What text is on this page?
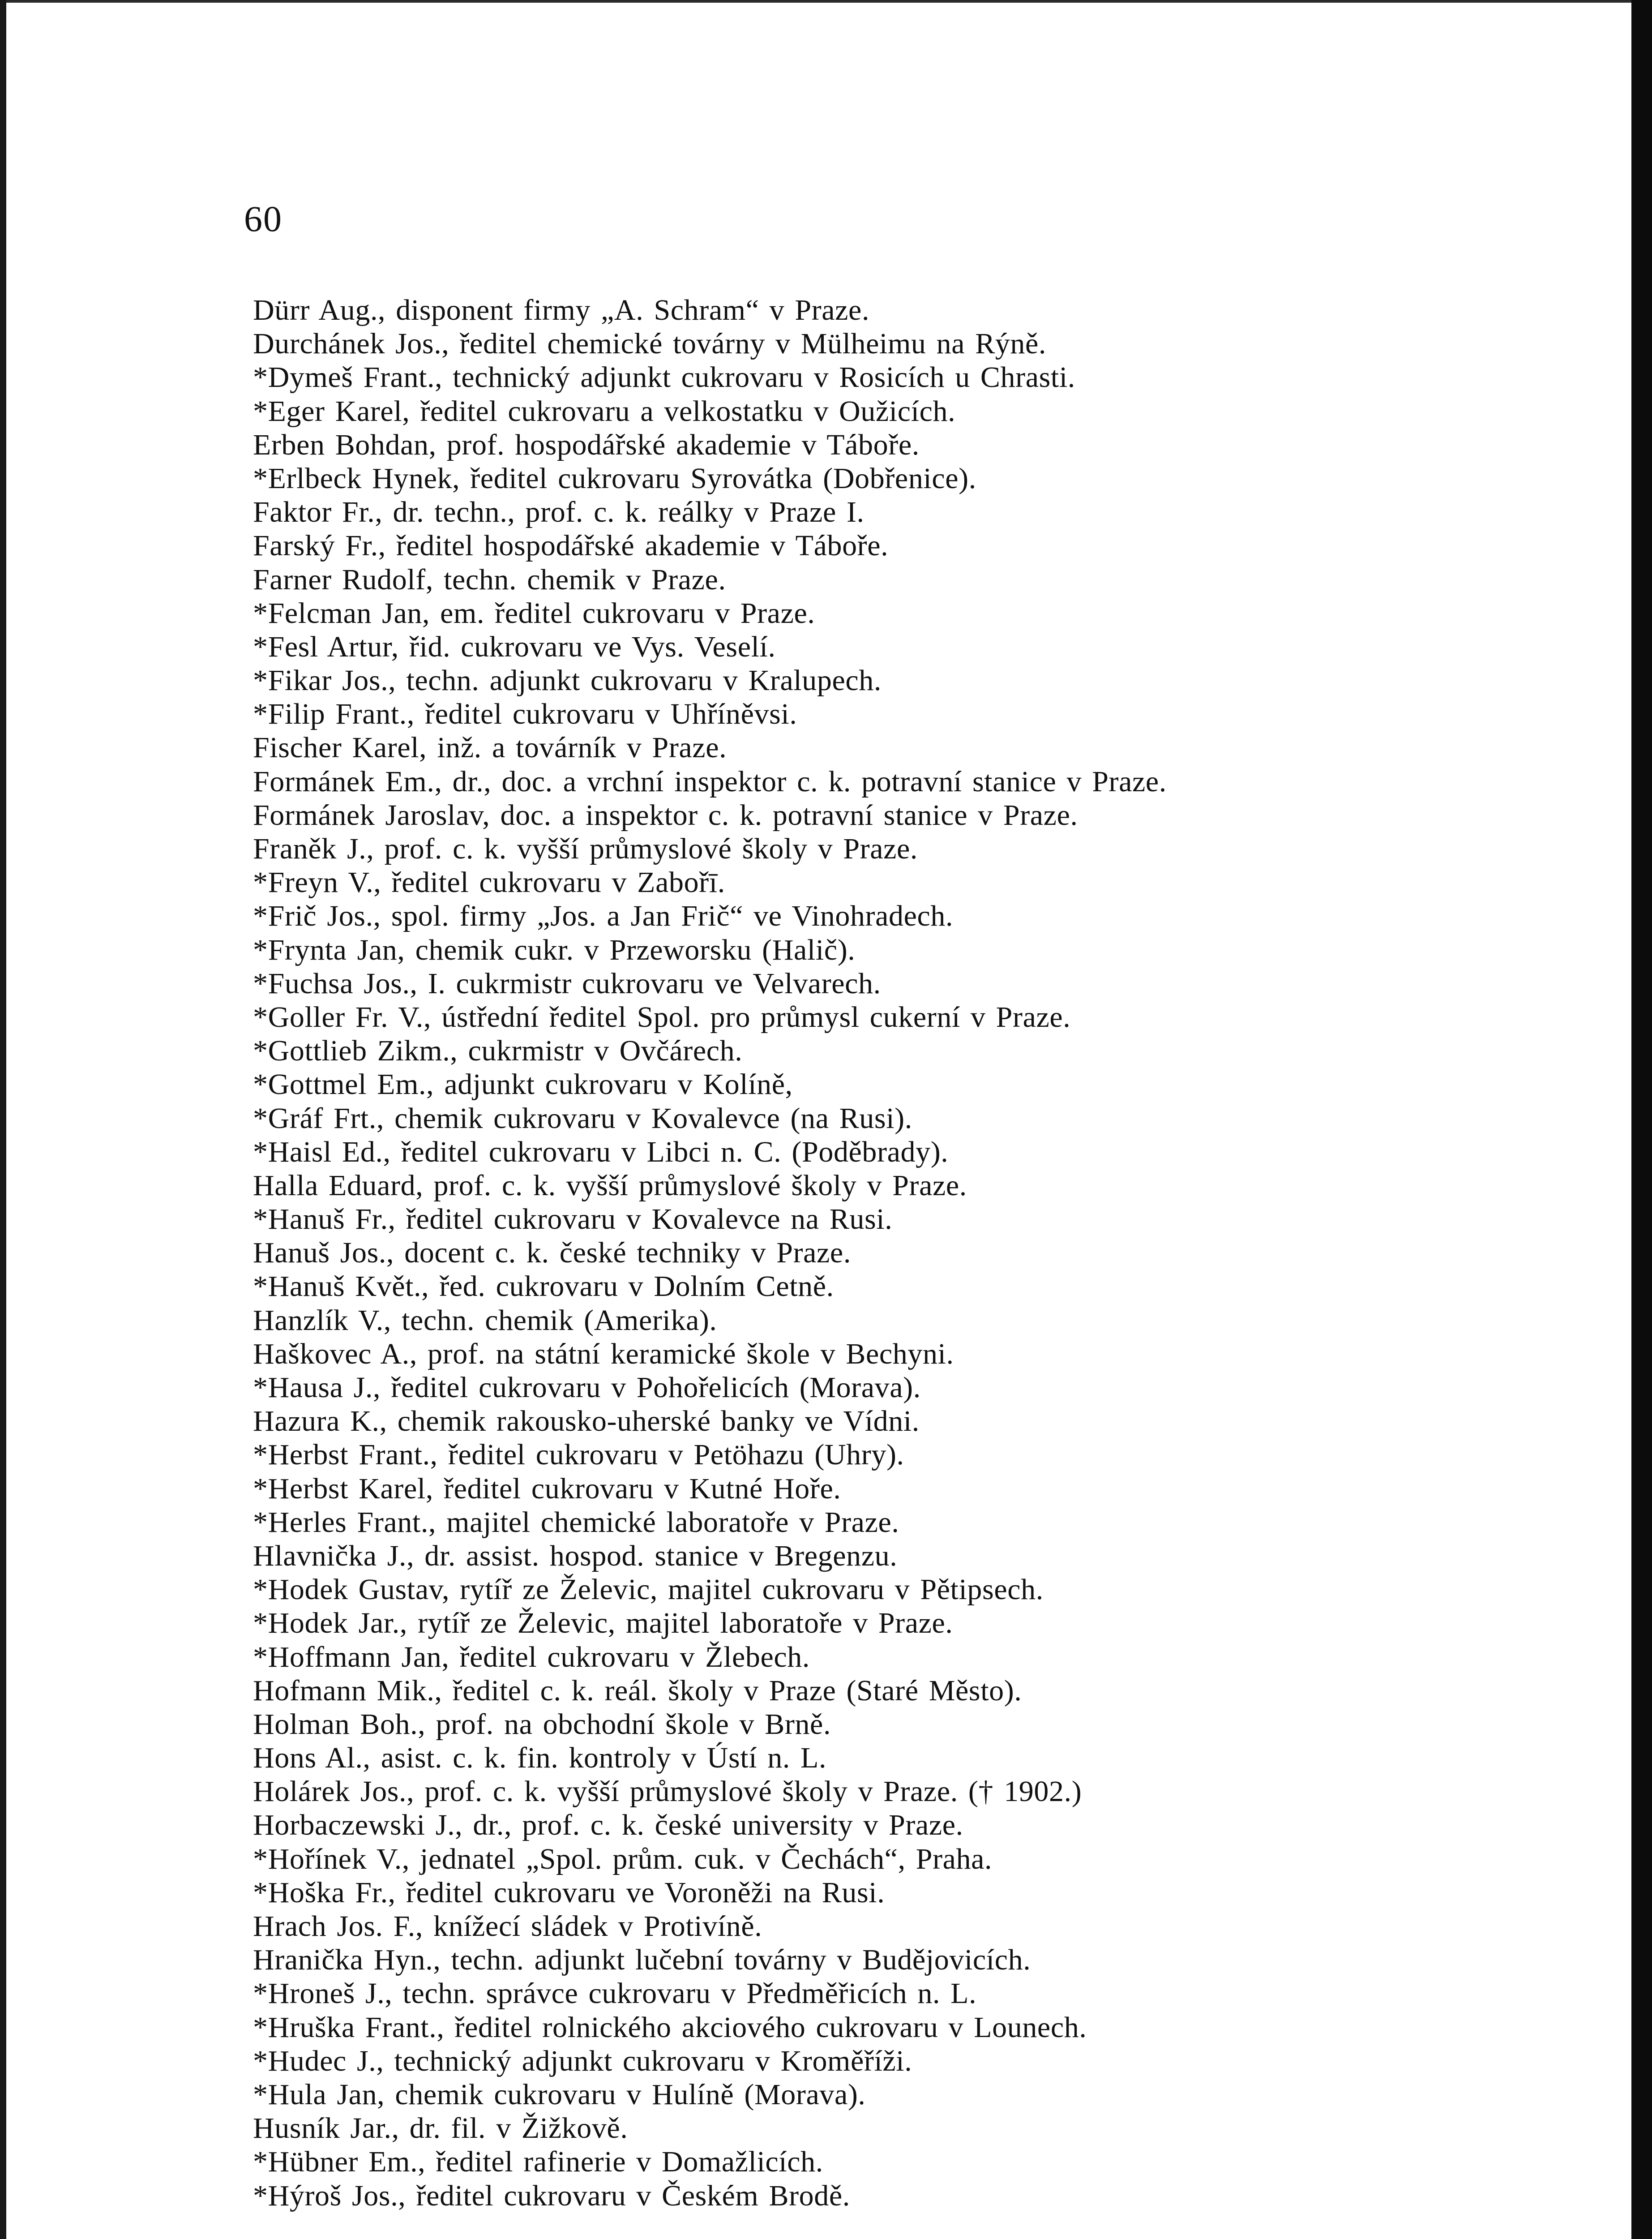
60
Dürr Aug., disponent firmy „A. Schram“ v Praze.
Durchánek Jos., ředitel chemické továrny v Mülheimu na Rýně.
*Dymeš Frant., technický adjunkt cukrovaru v Rosicích u Chrasti.
*Eger Karel, ředitel cukrovaru a velkostatku v Oužicích.
Erben Bohdan, prof. hospodářské akademie v Táboře.
*Erlbeck Hynek, ředitel cukrovaru Syrovátka (Dobřenice).
Faktor Fr., dr. techn., prof. c. k. reálky v Praze I.
Farský Fr., ředitel hospodářské akademie v Táboře.
Farner Rudolf, techn. chemik v Praze.
*Felcman Jan, em. ředitel cukrovaru v Praze.
*Fesl Artur, řid. cukrovaru ve Vys. Veselí.
*Fikar Jos., techn. adjunkt cukrovaru v Kralupech.
*Filip Frant., ředitel cukrovaru v Uhříněvsi.
Fischer Karel, inž. a továrník v Praze.
Formánek Em., dr., doc. a vrchní inspektor c. k. potravní stanice v Praze.
Formánek Jaroslav, doc. a inspektor c. k. potravní stanice v Praze.
Franěk J., prof. c. k. vyšší průmyslové školy v Praze.
*Freyn V., ředitel cukrovaru v Zabořī.
*Frič Jos., spol. firmy „Jos. a Jan Frič“ ve Vinohradech.
*Frynta Jan, chemik cukr. v Przeworsku (Halič).
*Fuchsa Jos., I. cukrmistr cukrovaru ve Velvarech.
*Goller Fr. V., ústřední ředitel Spol. pro průmysl cukerní v Praze.
*Gottlieb Zikm., cukrmistr v Ovčárech.
*Gottmel Em., adjunkt cukrovaru v Kolíně,
*Gráf Frt., chemik cukrovaru v Kovalevce (na Rusi).
*Haisl Ed., ředitel cukrovaru v Libci n. C. (Poděbrady).
Halla Eduard, prof. c. k. vyšší průmyslové školy v Praze.
*Hanuš Fr., ředitel cukrovaru v Kovalevce na Rusi.
Hanuš Jos., docent c. k. české techniky v Praze.
*Hanuš Květ., řed. cukrovaru v Dolním Cetně.
Hanzlík V., techn. chemik (Amerika).
Haškovec A., prof. na státní keramické škole v Bechyni.
*Hausa J., ředitel cukrovaru v Pohořelicích (Morava).
Hazura K., chemik rakousko-uherské banky ve Vídni.
*Herbst Frant., ředitel cukrovaru v Petöhazu (Uhry).
*Herbst Karel, ředitel cukrovaru v Kutné Hoře.
*Herles Frant., majitel chemické laboratoře v Praze.
Hlavnička J., dr. assist. hospod. stanice v Bregenzu.
*Hodek Gustav, rytíř ze Želevic, majitel cukrovaru v Pětipsech.
*Hodek Jar., rytíř ze Želevic, majitel laboratoře v Praze.
*Hoffmann Jan, ředitel cukrovaru v Žlebech.
Hofmann Mik., ředitel c. k. reál. školy v Praze (Staré Město).
Holman Boh., prof. na obchodní škole v Brně.
Hons Al., asist. c. k. fin. kontroly v Ústí n. L.
Holárek Jos., prof. c. k. vyšší průmyslové školy v Praze. († 1902.)
Horbaczewski J., dr., prof. c. k. české university v Praze.
*Hořínek V., jednatel „Spol. prům. cuk. v Čechách“, Praha.
*Hoška Fr., ředitel cukrovaru ve Voroněži na Rusi.
Hrach Jos. F., knížecí sládek v Protivíně.
Hranička Hyn., techn. adjunkt lučební továrny v Budějovicích.
*Hroneš J., techn. správce cukrovaru v Předměřicích n. L.
*Hruška Frant., ředitel rolnického akciového cukrovaru v Lounech.
*Hudec J., technický adjunkt cukrovaru v Kroměříži.
*Hula Jan, chemik cukrovaru v Hulíně (Morava).
Husník Jar., dr. fil. v Žižkově.
*Hübner Em., ředitel rafinerie v Domažlicích.
*Hýroš Jos., ředitel cukrovaru v Českém Brodě.
